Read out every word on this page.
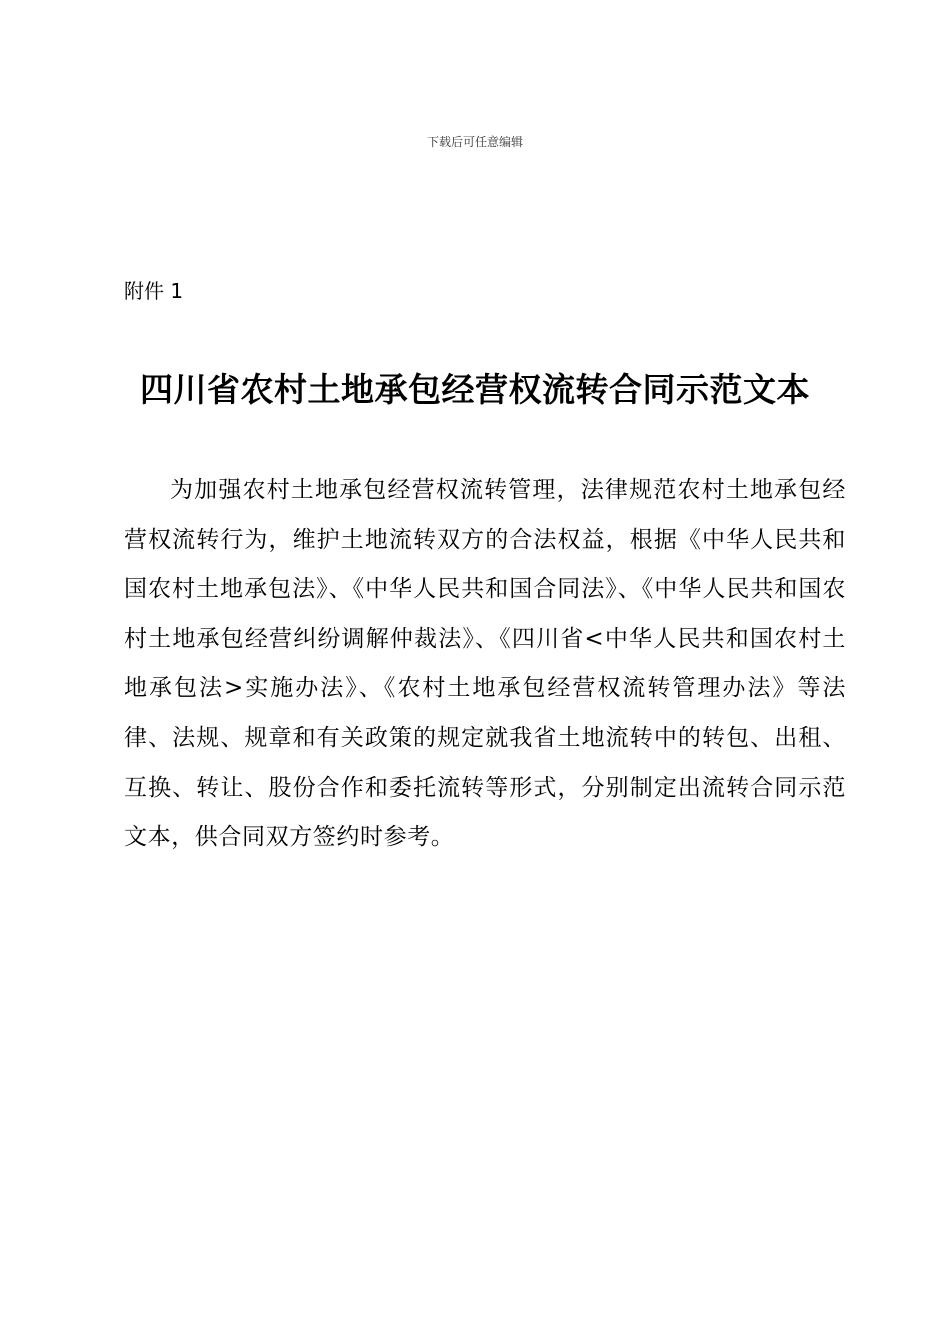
下载后可任意编辑
附件 1
四川省农村土地承包经营权流转合同示范文本

为加强农村土地承包经营权流转管理，法律规范农村土地承包经营权流转行为，维护土地流转双方的合法权益，根据《中华人民共和国农村土地承包法》、《中华人民共和国合同法》、《中华人民共和国农村土地承包经营纠纷调解仲裁法》、《四川省<中华人民共和国农村土地承包法>实施办法》、《农村土地承包经营权流转管理办法》等法律、法规、规章和有关政策的规定就我省土地流转中的转包、出租、互换、转让、股份合作和委托流转等形式，分别制定出流转合同示范文本，供合同双方签约时参考。
